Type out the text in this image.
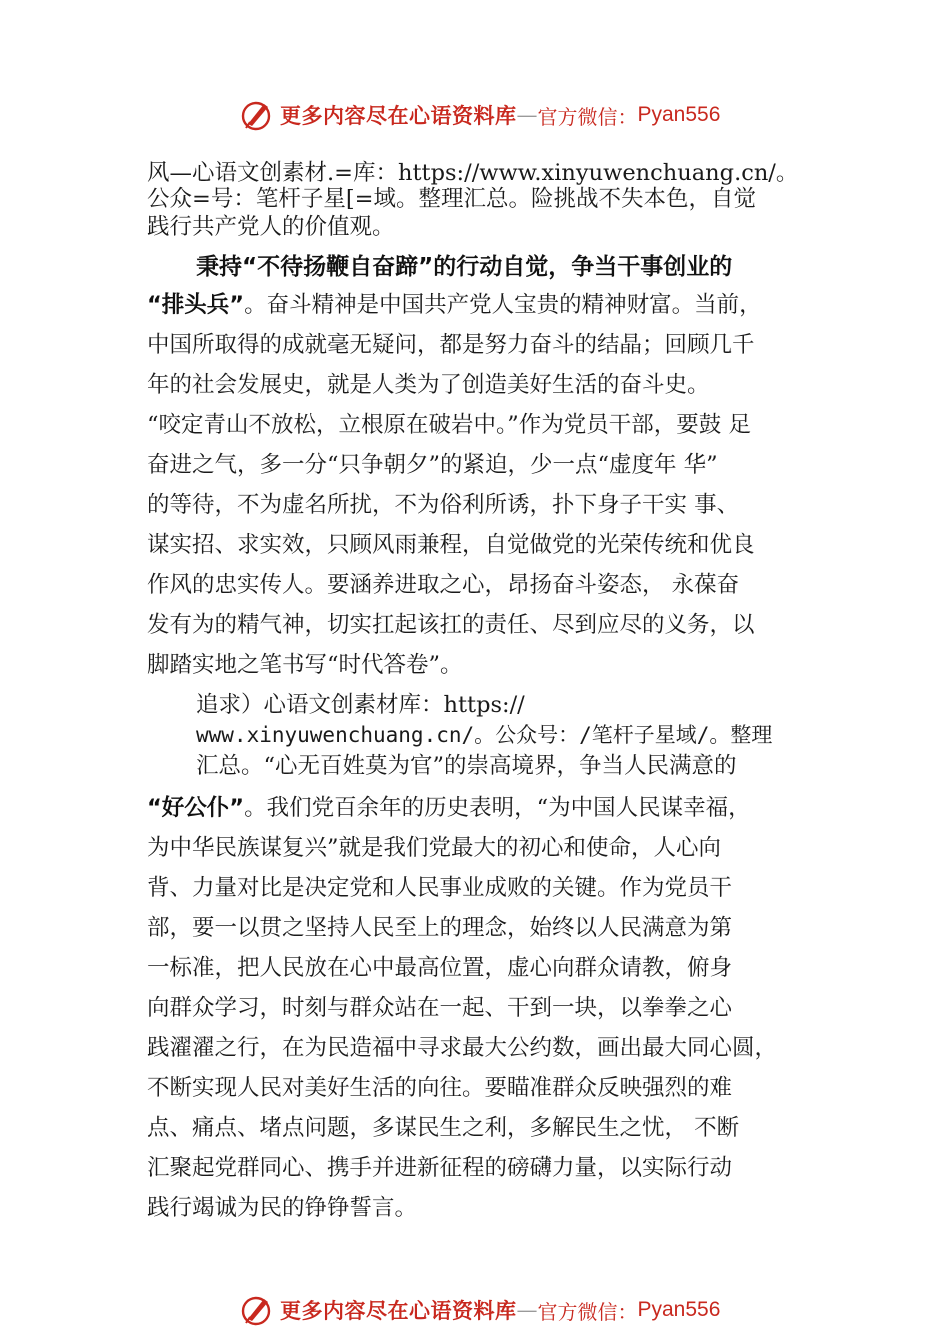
更多内容尽在心语资料库 — 官方微信： Pyan556
风—心语文创素材.=库：https://www.xinyuwenchuang.cn/。
公众=号：笔杆子星[=域。整理汇总。险挑战不失本色，自觉
践行共产党人的价值观。
秉持“不待扬鞭自奋蹄”的行动自觉，争当干事创业的
“排头兵”。奋斗精神是中国共产党人宝贵的精神财富。当前，
中国所取得的成就毫无疑问，都是努力奋斗的结晶；回顾几千
年的社会发展史，就是人类为了创造美好生活的奋斗史。
“咬定青山不放松，立根原在破岩中。”作为党员干部，要鼓 足
奋进之气，多一分“只争朝夕”的紧迫，少一点“虚度年 华”
的等待，不为虚名所扰，不为俗利所诱，扑下身子干实 事、
谋实招、求实效，只顾风雨兼程，自觉做党的光荣传统和优良
作风的忠实传人。要涵养进取之心，昂扬奋斗姿态， 永葆奋
发有为的精气神，切实扛起该扛的责任、尽到应尽的义务，以
脚踏实地之笔书写“时代答卷”。
追求）心语文创素材库：https://
www.xinyuwenchuang.cn/。公众号：/笔杆子星域/。整理
汇总。“心无百姓莫为官”的崇高境界，争当人民满意的
“好公仆”。我们党百余年的历史表明，“为中国人民谋幸福，
为中华民族谋复兴”就是我们党最大的初心和使命，人心向
背、力量对比是决定党和人民事业成败的关键。作为党员干
部，要一以贯之坚持人民至上的理念，始终以人民满意为第
一标准，把人民放在心中最高位置，虚心向群众请教，俯身
向群众学习，时刻与群众站在一起、干到一块，以拳拳之心
践濯濯之行，在为民造福中寻求最大公约数，画出最大同心圆，
不断实现人民对美好生活的向往。要瞄准群众反映强烈的难
点、痛点、堵点问题，多谋民生之利，多解民生之忧， 不断
汇聚起党群同心、携手并进新征程的磅礴力量，以实际行动
践行竭诚为民的铮铮誓言。
更多内容尽在心语资料库 — 官方微信： Pyan556
